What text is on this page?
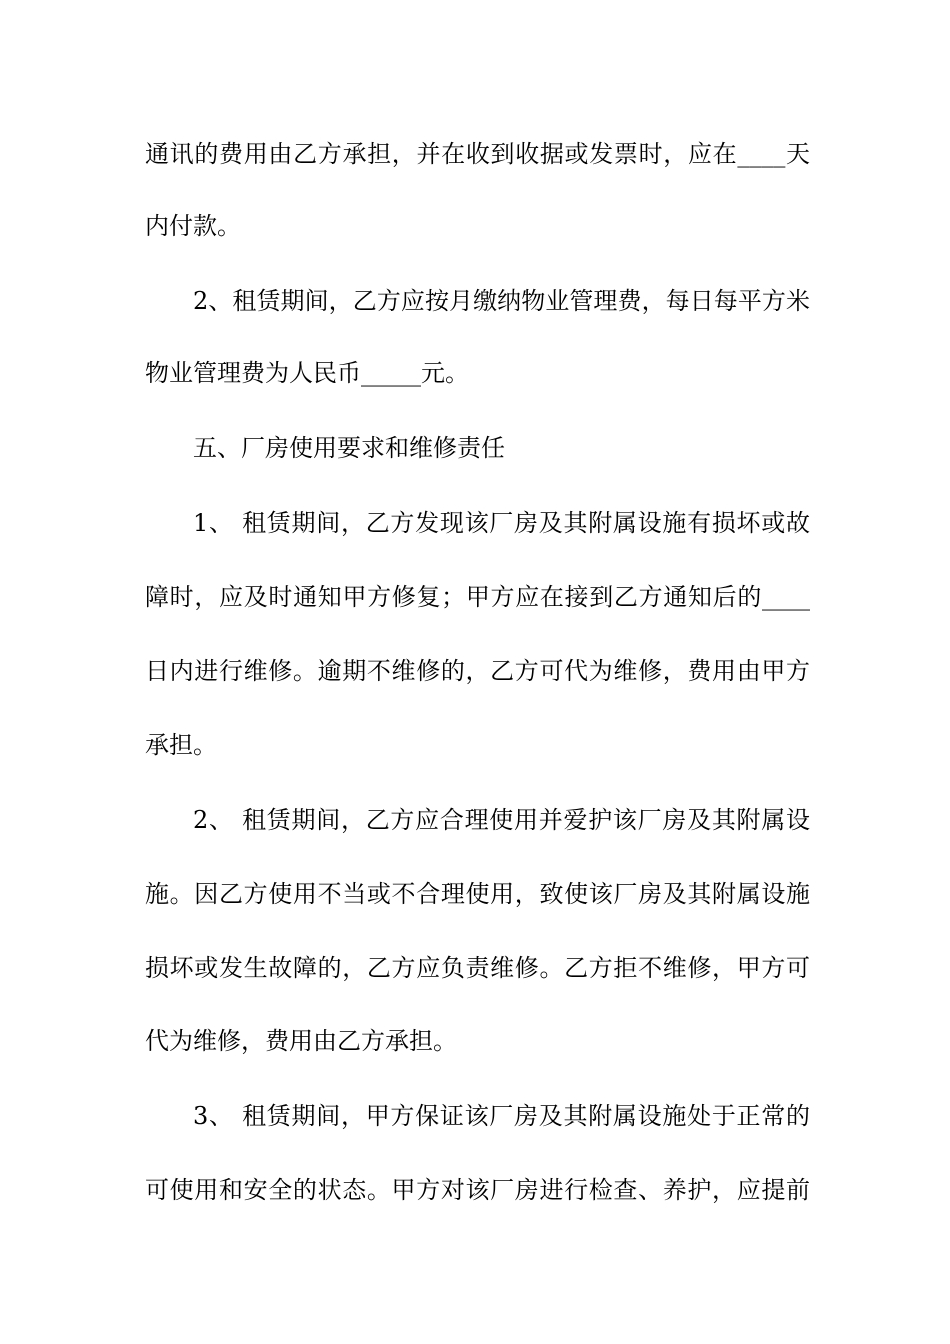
通讯的费用由乙方承担，并在收到收据或发票时，应在____天
内付款。
2、租赁期间，乙方应按月缴纳物业管理费，每日每平方米
物业管理费为人民币_____元。
五、厂房使用要求和维修责任
1、 租赁期间，乙方发现该厂房及其附属设施有损坏或故
障时，应及时通知甲方修复；甲方应在接到乙方通知后的____
日内进行维修。逾期不维修的，乙方可代为维修，费用由甲方
承担。
2、 租赁期间，乙方应合理使用并爱护该厂房及其附属设
施。因乙方使用不当或不合理使用，致使该厂房及其附属设施
损坏或发生故障的，乙方应负责维修。乙方拒不维修，甲方可
代为维修，费用由乙方承担。
3、 租赁期间，甲方保证该厂房及其附属设施处于正常的
可使用和安全的状态。甲方对该厂房进行检查、养护，应提前
